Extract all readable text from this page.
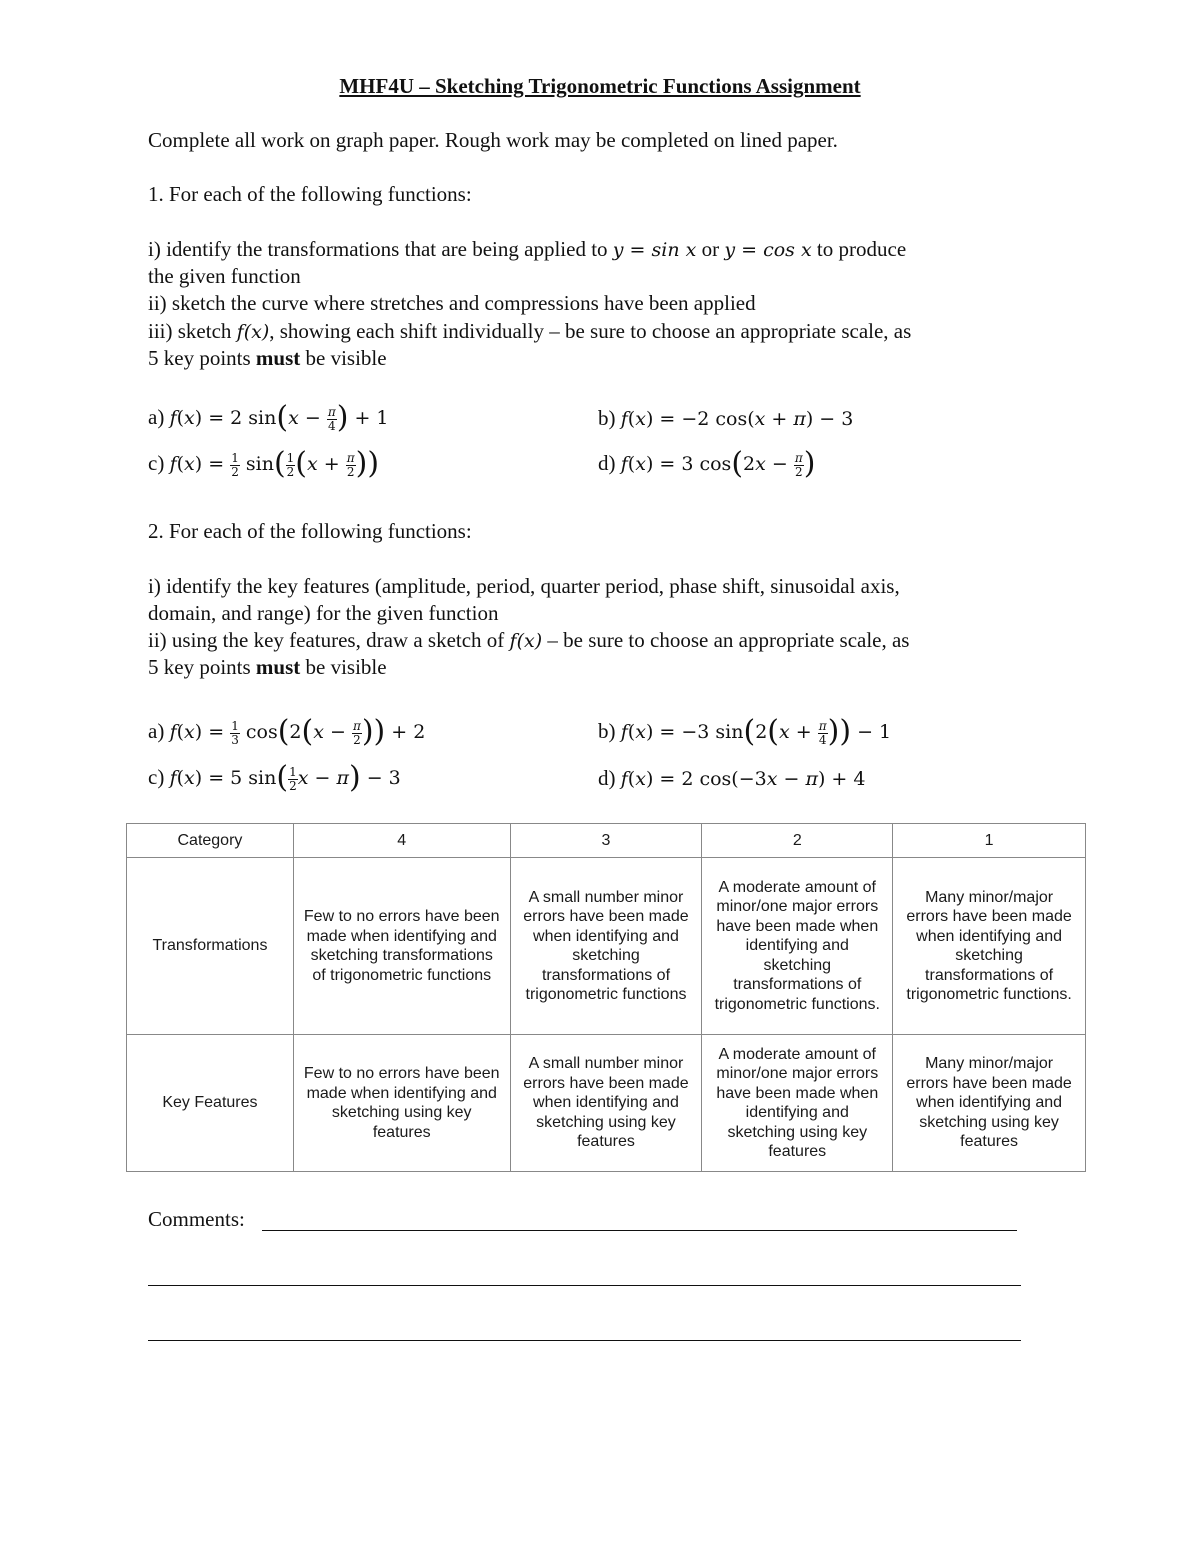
MHF4U – Sketching Trigonometric Functions Assignment
Complete all work on graph paper. Rough work may be completed on lined paper.
1. For each of the following functions:
i) identify the transformations that are being applied to y = sin x or y = cos x to produce
the given function
ii) sketch the curve where stretches and compressions have been applied
iii) sketch f(x), showing each shift individually – be sure to choose an appropriate scale, as
5 key points must be visible
a) f(x) = 2 $\sin(x - \frac{\pi}{4}$ ) + 1	b) f(x) = −2 cos(x + π) − 3
c) $f(x) = \frac{1}{2} \sin( \frac{1}{2} (x + \frac{\pi}{2}$ ))	d) f(x) = 3 $\cos(2x - \frac{\pi}{2}$ )
2. For each of the following functions:
i) identify the key features (amplitude, period, quarter period, phase shift, sinusoidal axis,
domain, and range) for the given function
ii) using the key features, draw a sketch of f(x) – be sure to choose an appropriate scale, as
5 key points must be visible
a) $f(x) = \frac{1}{3} \cos(2(x - \frac{\pi}{2}$ )) + 2	b) f(x) = −3 $\sin(2(x + \frac{\pi}{4}$ )) − 1
c) f(x) = 5 $\sin( \frac{1}{2}$ x − π) − 3	d) f(x) = 2 cos(−3x − π) + 4
Category	4	3	2	1
Transformations	Few to no errors have been made when identifying and sketching transformations of trigonometric functions	A small number minor errors have been made when identifying and sketching transformations of trigonometric functions	A moderate amount of minor/one major errors have been made when identifying and sketching transformations of trigonometric functions.	Many minor/major errors have been made when identifying and sketching transformations of trigonometric functions.
Key Features	Few to no errors have been made when identifying and sketching using key features	A small number minor errors have been made when identifying and sketching using key features	A moderate amount of minor/one major errors have been made when identifying and sketching using key features	Many minor/major errors have been made when identifying and sketching using key features
Comments:
